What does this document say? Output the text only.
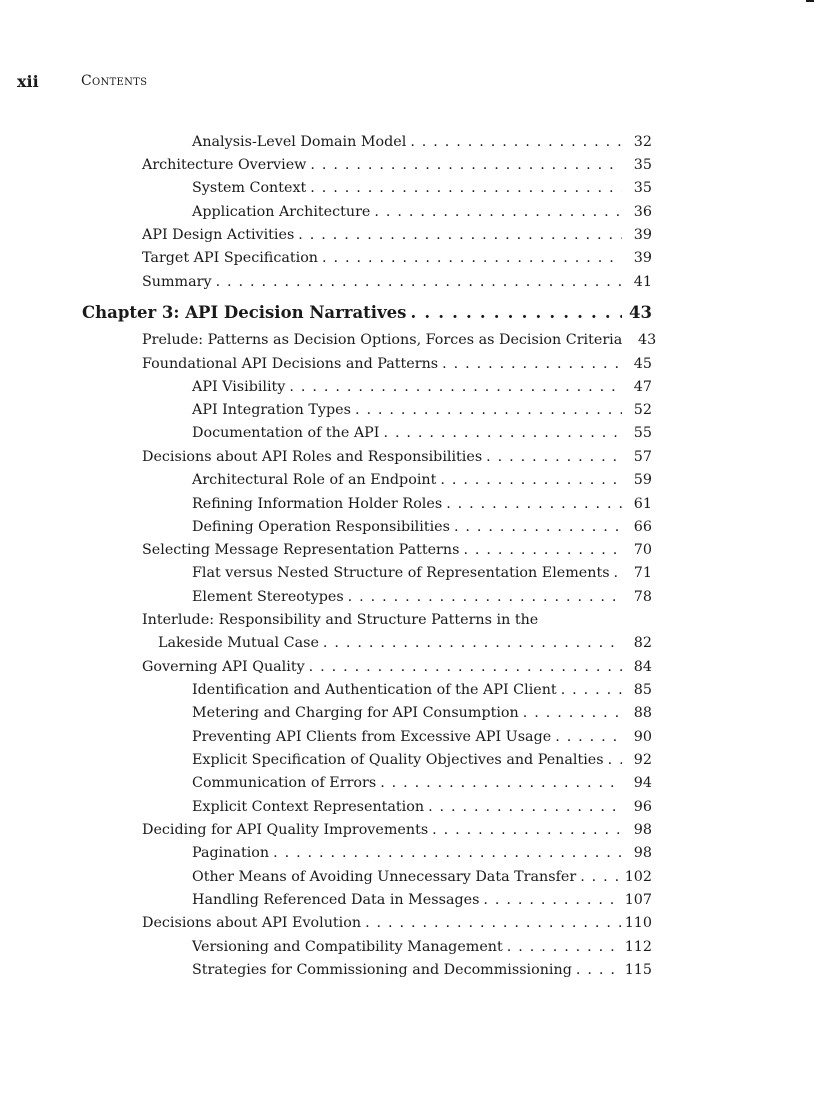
xii	Contents
Analysis-Level Domain Model . . .	32
Architecture Overview . . .	35
System Context . . .	35
Application Architecture . . .	36
API Design Activities . . .	39
Target API Specification . . .	39
Summary . . .	41
Chapter 3: API Decision Narratives . . .	43
Prelude: Patterns as Decision Options, Forces as Decision Criteria	43
Foundational API Decisions and Patterns . . .	45
API Visibility . . .	47
API Integration Types . . .	52
Documentation of the API . . .	55
Decisions about API Roles and Responsibilities . . .	57
Architectural Role of an Endpoint . . .	59
Refining Information Holder Roles . . .	61
Defining Operation Responsibilities . . .	66
Selecting Message Representation Patterns . . .	70
Flat versus Nested Structure of Representation Elements . . .	71
Element Stereotypes . . .	78
Interlude: Responsibility and Structure Patterns in the
Lakeside Mutual Case . . .	82
Governing API Quality . . .	84
Identification and Authentication of the API Client . . .	85
Metering and Charging for API Consumption . . .	88
Preventing API Clients from Excessive API Usage . . .	90
Explicit Specification of Quality Objectives and Penalties . . .	92
Communication of Errors . . .	94
Explicit Context Representation . . .	96
Deciding for API Quality Improvements . . .	98
Pagination . . .	98
Other Means of Avoiding Unnecessary Data Transfer . . .	102
Handling Referenced Data in Messages . . .	107
Decisions about API Evolution . . .	110
Versioning and Compatibility Management . . .	112
Strategies for Commissioning and Decommissioning . . .	115
